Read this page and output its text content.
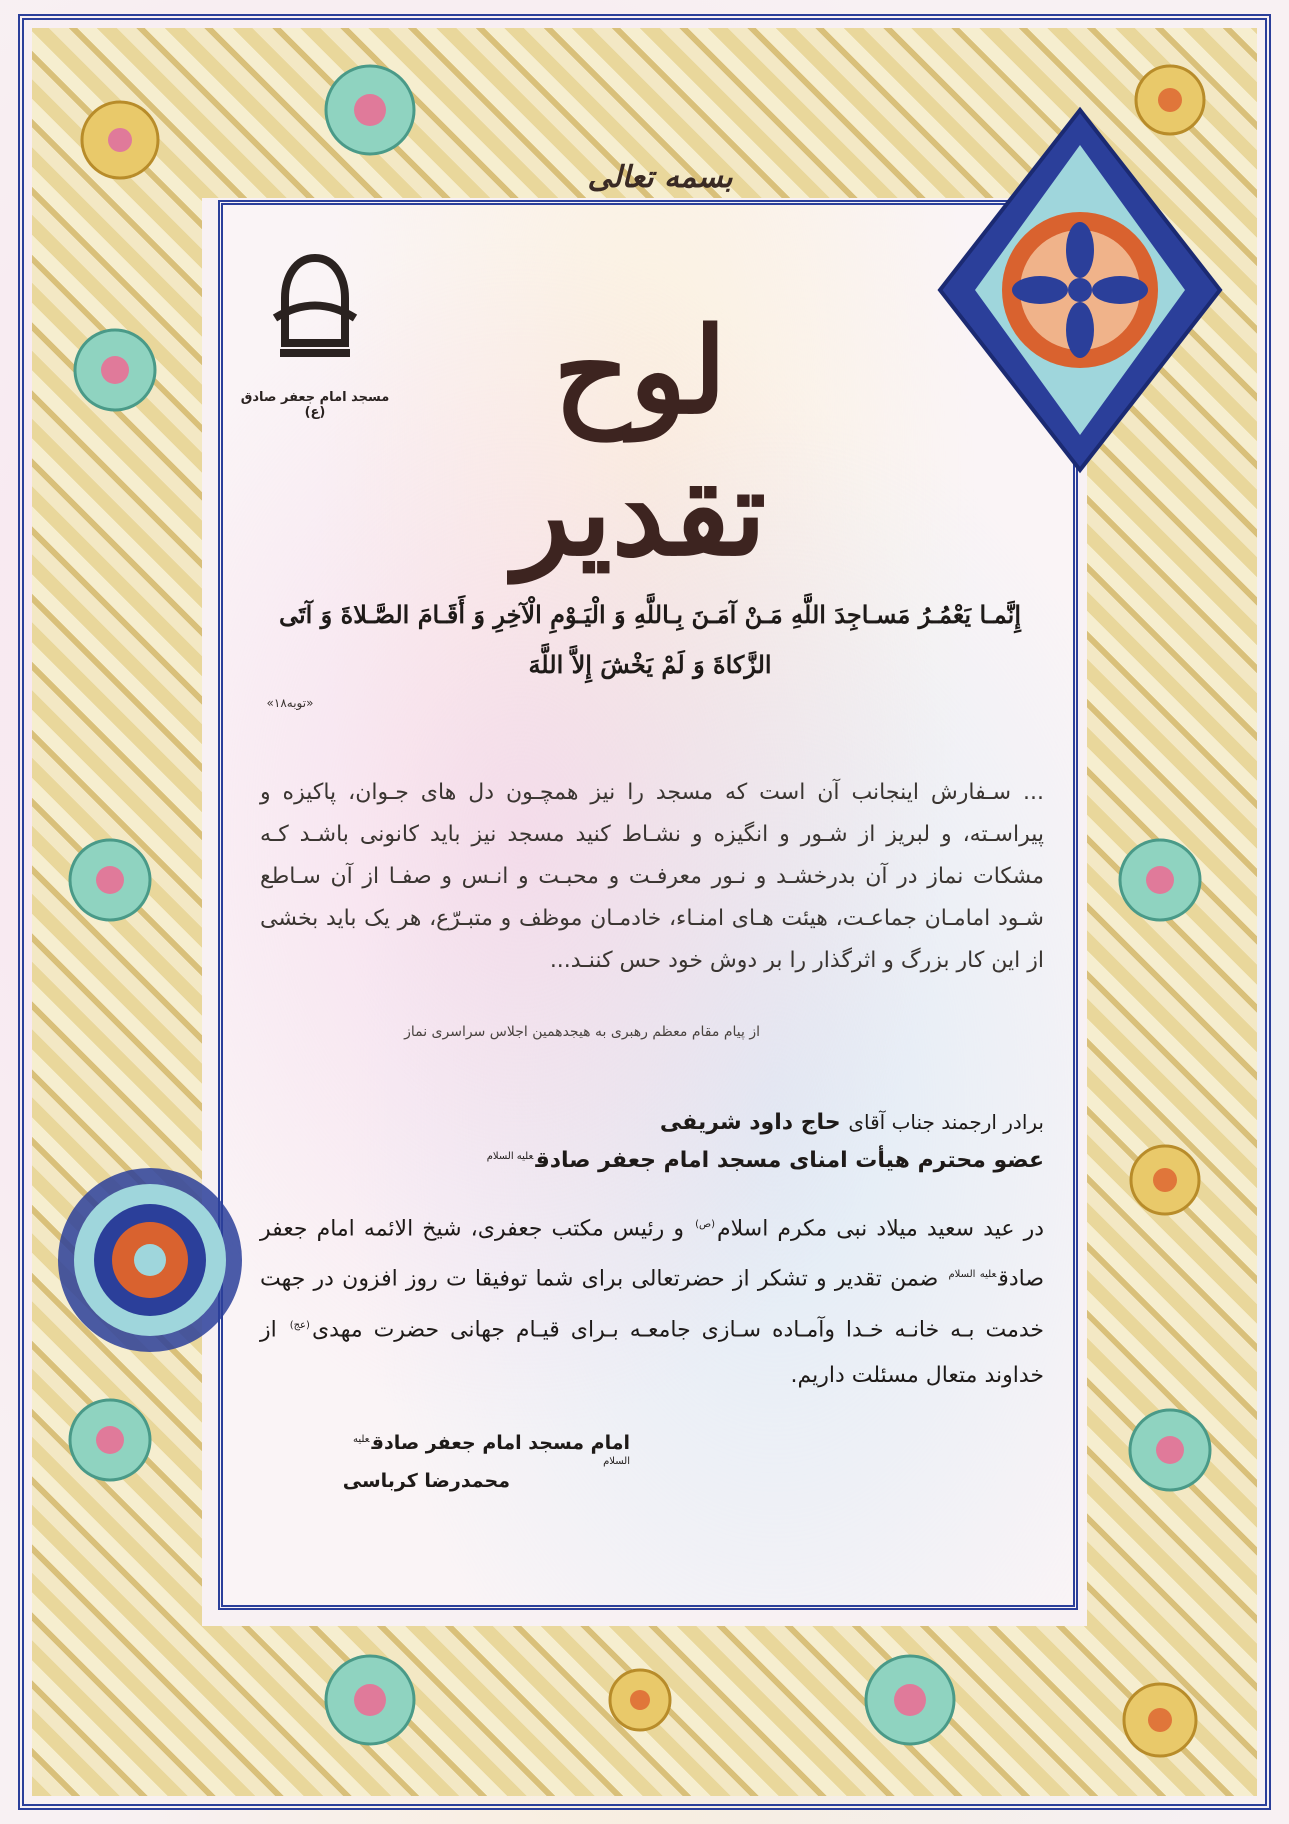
مسجد امام جعفر صادق (ع)
بسمه تعالی
لوح تقدیر
إِنَّمـا یَعْمُـرُ مَسـاجِدَ اللَّهِ مَـنْ آمَـنَ بِـاللَّهِ وَ الْیَـوْمِ الْآخِرِ وَ أَقَـامَ الصَّـلاةَ وَ آتَی
الزَّکاةَ وَ لَمْ یَخْشَ إِلاَّ اللَّهَ
«توبه۱۸»
... سـفارش اینجانب آن است که مسجد را نیز همچـون دل های جـوان، پاکیزه و پیراسـته، و لبریز از شـور و انگیزه و نشـاط کنید مسجد نیز باید کانونی باشـد کـه مشکات نماز در آن بدرخشـد و نـور معرفـت و محبـت و انـس و صفـا از آن سـاطع شـود امامـان جماعـت، هیئت هـای امنـاء، خادمـان موظف و متبـرّع، هر یک باید بخشی از این کار بزرگ و اثرگذار را بر دوش خود حس کننـد...
از پیام مقام معظم رهبری به هیجدهمین اجلاس سراسری نماز
برادر ارجمند جناب آقای حاج داود شریفی
عضو محترم هیأت امنای مسجد امام جعفر صادق$^{علیه السلام}$
در عید سعید میلاد نبی مکرم اسلام$^{(ص)}$ و رئیس مکتب جعفری، شیخ الائمه امام جعفر صادق$^{علیه السلام}$ ضمن تقدیر و تشکر از حضرتعالی برای شما توفیقا ت روز افزون در جهت خدمت بـه خانـه خـدا وآمـاده سـازی جامعـه بـرای قیـام جهانی حضرت مهدی$^{(عج)}$ از خداوند متعال مسئلت داریم.
امام مسجد امام جعفر صادق$^{علیه السلام}$
محمدرضا کرباسی
